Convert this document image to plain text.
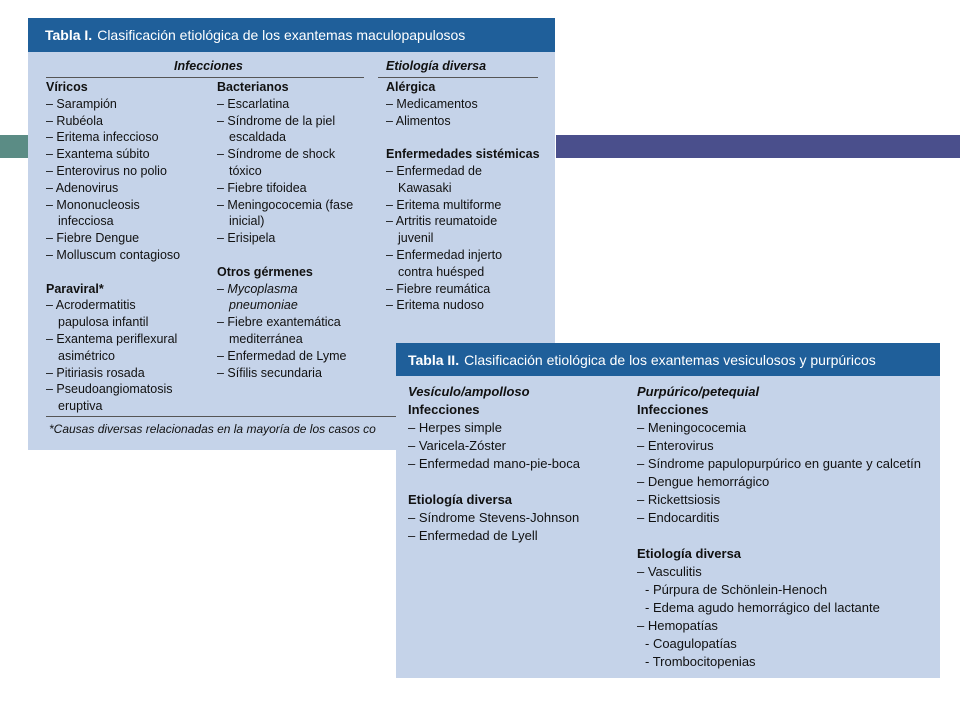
Tabla I. Clasificación etiológica de los exantemas maculopapulosos
Infecciones	Etiología diversa
Víricos
– Sarampión
– Rubéola
– Eritema infeccioso
– Exantema súbito
– Enterovirus no polio
– Adenovirus
– Mononucleosis
infecciosa
– Fiebre Dengue
– Molluscum contagioso
Paraviral*
– Acrodermatitis
papulosa infantil
– Exantema periflexural
asimétrico
– Pitiriasis rosada
– Pseudoangiomatosis
eruptiva
Bacterianos
– Escarlatina
– Síndrome de la piel
escaldada
– Síndrome de shock
tóxico
– Fiebre tifoidea
– Meningococemia (fase
inicial)
– Erisipela
Otros gérmenes
– Mycoplasma
pneumoniae
– Fiebre exantemática
mediterránea
– Enfermedad de Lyme
– Sífilis secundaria
Alérgica
– Medicamentos
– Alimentos
Enfermedades sistémicas
– Enfermedad de
Kawasaki
– Eritema multiforme
– Artritis reumatoide
juvenil
– Enfermedad injerto
contra huésped
– Fiebre reumática
– Eritema nudoso
*Causas diversas relacionadas en la mayoría de los casos co
Tabla II. Clasificación etiológica de los exantemas vesiculosos y purpúricos
Vesículo/ampolloso
Infecciones
– Herpes simple
– Varicela-Zóster
– Enfermedad mano-pie-boca
Etiología diversa
– Síndrome Stevens-Johnson
– Enfermedad de Lyell
Purpúrico/petequial
Infecciones
– Meningococemia
– Enterovirus
– Síndrome papulopurpúrico en guante y calcetín
– Dengue hemorrágico
– Rickettsiosis
– Endocarditis
Etiología diversa
– Vasculitis
- Púrpura de Schönlein-Henoch
- Edema agudo hemorrágico del lactante
– Hemopatías
- Coagulopatías
- Trombocitopenias
